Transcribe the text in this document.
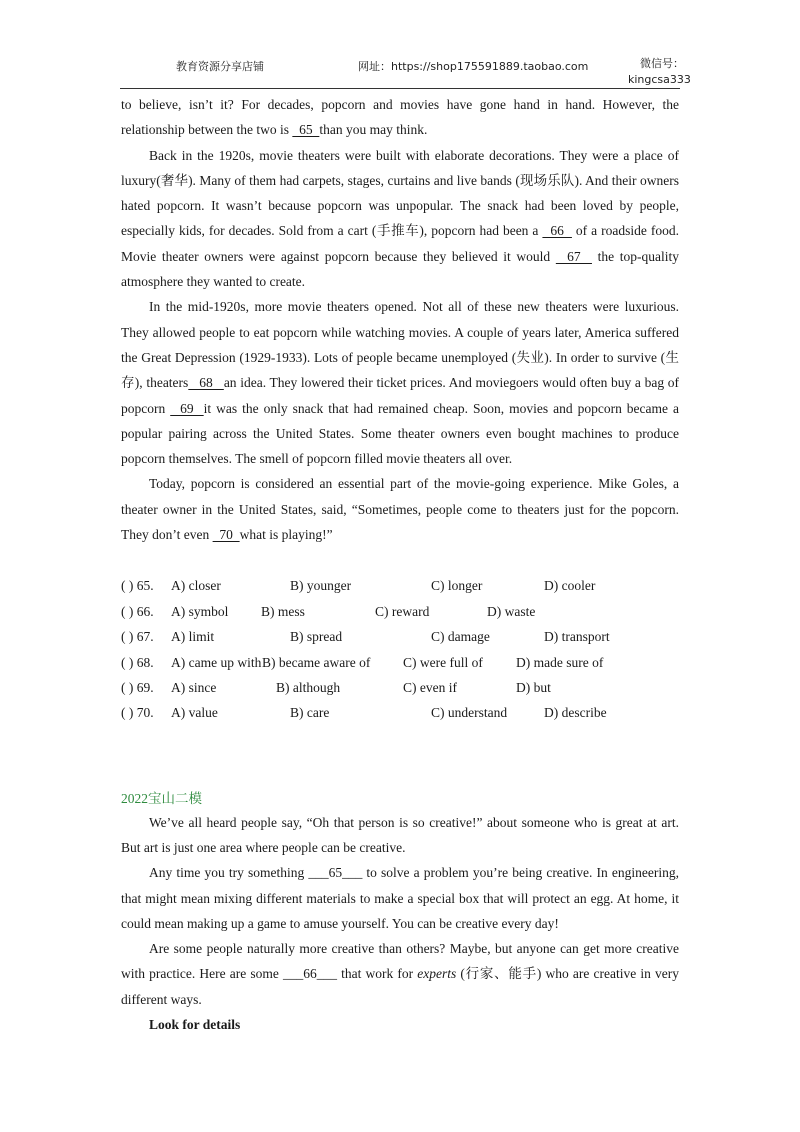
教育资源分享店铺	网址：https://shop175591889.taobao.com	微信号：
kingcsa333

to believe, isn’t it? For decades, popcorn and movies have gone hand in hand. However, the relationship between the two is   65  than you may think.

Back in the 1920s, movie theaters were built with elaborate decorations. They were a place of luxury(奢华). Many of them had carpets, stages, curtains and live bands (现场乐队). And their owners hated popcorn. It wasn’t because popcorn was unpopular. The snack had been loved by people, especially kids, for decades. Sold from a cart (手推车), popcorn had been a   66   of a roadside food. Movie theater owners were against popcorn because they believed it would   67   the top-quality atmosphere they wanted to create.

In the mid-1920s, more movie theaters opened. Not all of these new theaters were luxurious. They allowed people to eat popcorn while watching movies. A couple of years later, America suffered the Great Depression (1929-1933). Lots of people became unemployed (失业). In order to survive (生存), theaters   68   an idea. They lowered their ticket prices. And moviegoers would often buy a bag of popcorn   69  it was the only snack that had remained cheap. Soon, movies and popcorn became a popular pairing across the United States. Some theater owners even bought machines to produce popcorn themselves. The smell of popcorn filled movie theaters all over.

Today, popcorn is considered an essential part of the movie-going experience. Mike Goles, a theater owner in the United States, said, “Sometimes, people come to theaters just for the popcorn. They don’t even   70  what is playing!”

( ) 65. A) closer	B) younger	C) longer	D) cooler
( ) 66. A) symbol B) mess	C) reward	D) waste
( ) 67. A) limit	B) spread	C) damage	D) transport
( ) 68. A) came up with B) became aware of C) were full of D) made sure of
( ) 69. A) since	B) although	C) even if	D) but
( ) 70. A) value	B) care	C) understand	D) describe
2022宝山二模

We’ve all heard people say, “Oh that person is so creative!” about someone who is great at art. But art is just one area where people can be creative.

Any time you try something ___65___ to solve a problem you’re being creative. In engineering, that might mean mixing different materials to make a special box that will protect an egg. At home, it could mean making up a game to amuse yourself. You can be creative every day!

Are some people naturally more creative than others? Maybe, but anyone can get more creative with practice. Here are some ___66___ that work for experts (行家、能手) who are creative in very different ways.

Look for details
